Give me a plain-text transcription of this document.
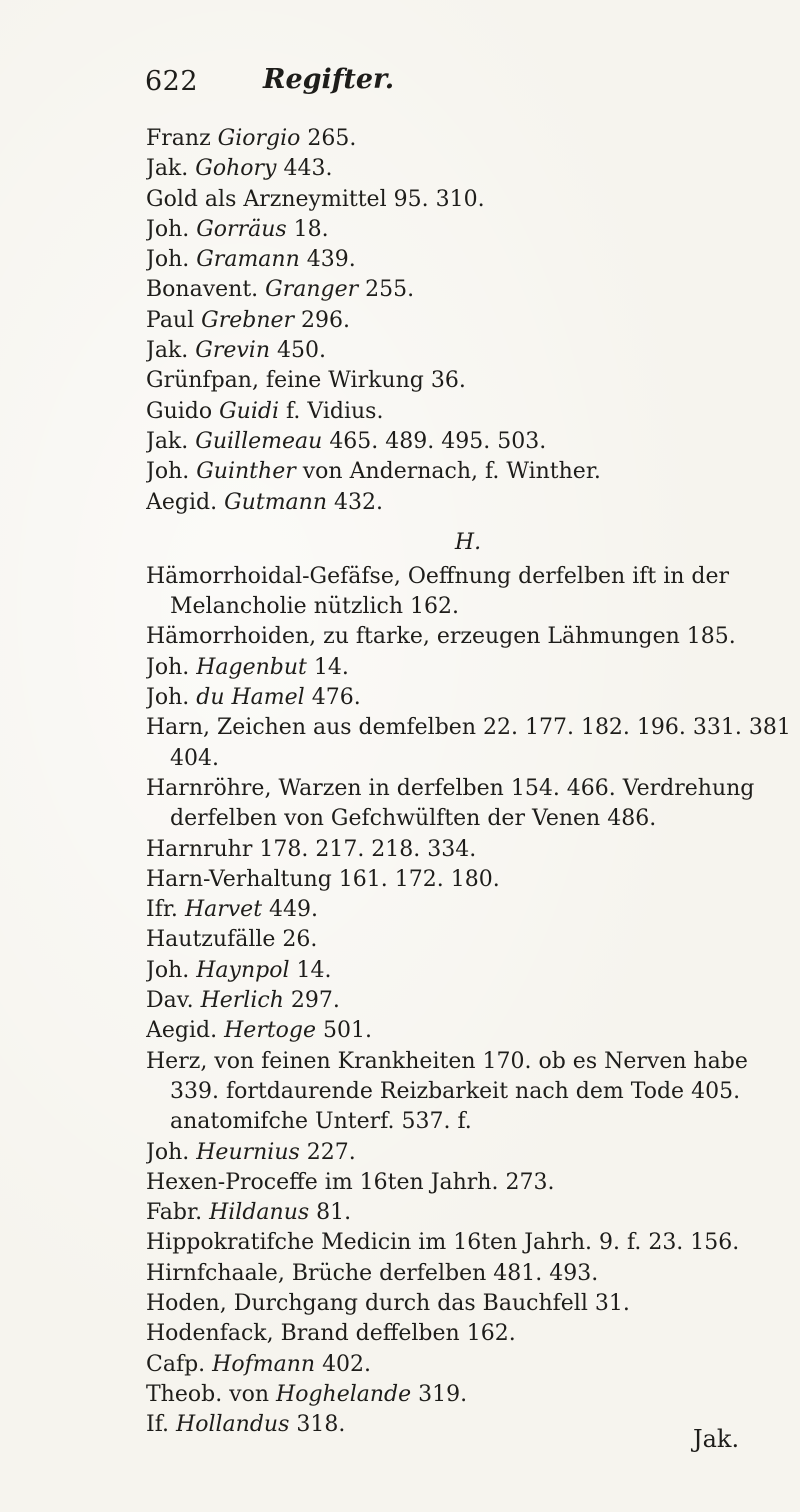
622 Regifter.
Franz Giorgio 265.
Jak. Gohory 443.
Gold als Arzneymittel 95. 310.
Joh. Gorräus 18.
Joh. Gramann 439.
Bonavent. Granger 255.
Paul Grebner 296.
Jak. Grevin 450.
Grünfpan, feine Wirkung 36.
Guido Guidi f. Vidius.
Jak. Guillemeau 465. 489. 495. 503.
Joh. Guinther von Andernach, f. Winther.
Aegid. Gutmann 432.
H.
Hämorrhoidal-Gefäfse, Oeffnung derfelben ift in der Melancholie nützlich 162.
Hämorrhoiden, zu ftarke, erzeugen Lähmungen 185.
Joh. Hagenbut 14.
Joh. du Hamel 476.
Harn, Zeichen aus demfelben 22. 177. 182. 196. 331. 381 404.
Harnröhre, Warzen in derfelben 154. 466. Verdrehung derfelben von Gefchwülften der Venen 486.
Harnruhr 178. 217. 218. 334.
Harn-Verhaltung 161. 172. 180.
Ifr. Harvet 449.
Hautzufälle 26.
Joh. Haynpol 14.
Dav. Herlich 297.
Aegid. Hertoge 501.
Herz, von feinen Krankheiten 170. ob es Nerven habe 339. fortdaurende Reizbarkeit nach dem Tode 405. anatomifche Unterf. 537. f.
Joh. Heurnius 227.
Hexen-Proceffe im 16ten Jahrh. 273.
Fabr. Hildanus 81.
Hippokratifche Medicin im 16ten Jahrh. 9. f. 23. 156.
Hirnfchaale, Brüche derfelben 481. 493.
Hoden, Durchgang durch das Bauchfell 31.
Hodenfack, Brand deffelben 162.
Cafp. Hofmann 402.
Theob. von Hoghelande 319.
If. Hollandus 318.
Jak.
